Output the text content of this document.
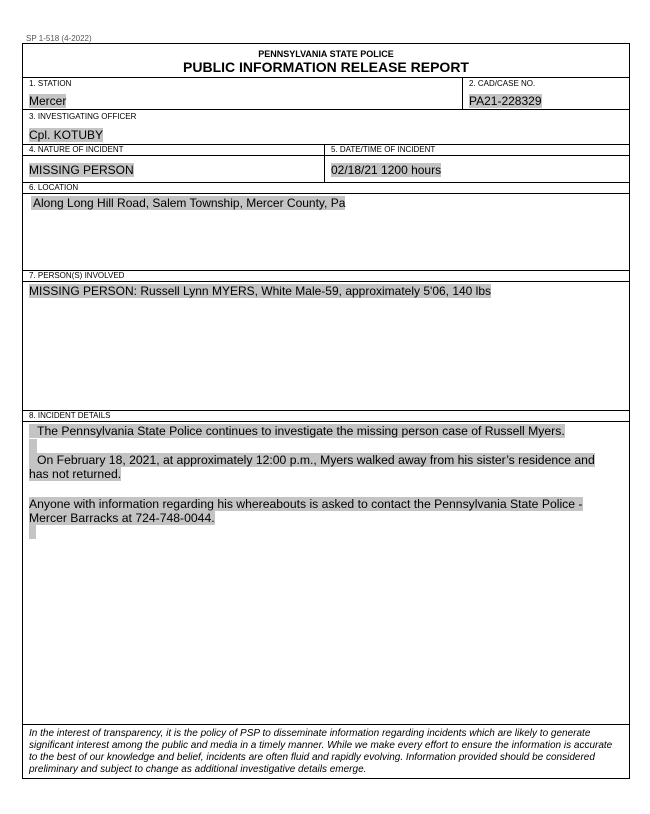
SP 1-518 (4-2022)
PENNSYLVANIA STATE POLICE
PUBLIC INFORMATION RELEASE REPORT
1. STATION
Mercer
2. CAD/CASE NO.
PA21-228329
3. INVESTIGATING OFFICER
Cpl. KOTUBY
4. NATURE OF INCIDENT
MISSING PERSON
5. DATE/TIME OF INCIDENT
02/18/21 1200 hours
6. LOCATION
Along Long Hill Road, Salem Township, Mercer County, Pa
7. PERSON(S) INVOLVED
MISSING PERSON: Russell Lynn MYERS, White Male-59, approximately 5'06, 140 lbs
8. INCIDENT DETAILS
The Pennsylvania State Police continues to investigate the missing person case of Russell Myers.
On February 18, 2021, at approximately 12:00 p.m., Myers walked away from his sister’s residence and
has not returned.
Anyone with information regarding his whereabouts is asked to contact the Pennsylvania State Police -
Mercer Barracks at 724-748-0044.
In the interest of transparency, it is the policy of PSP to disseminate information regarding incidents which are likely to generate significant interest among the public and media in a timely manner. While we make every effort to ensure the information is accurate to the best of our knowledge and belief, incidents are often fluid and rapidly evolving. Information provided should be considered preliminary and subject to change as additional investigative details emerge.
